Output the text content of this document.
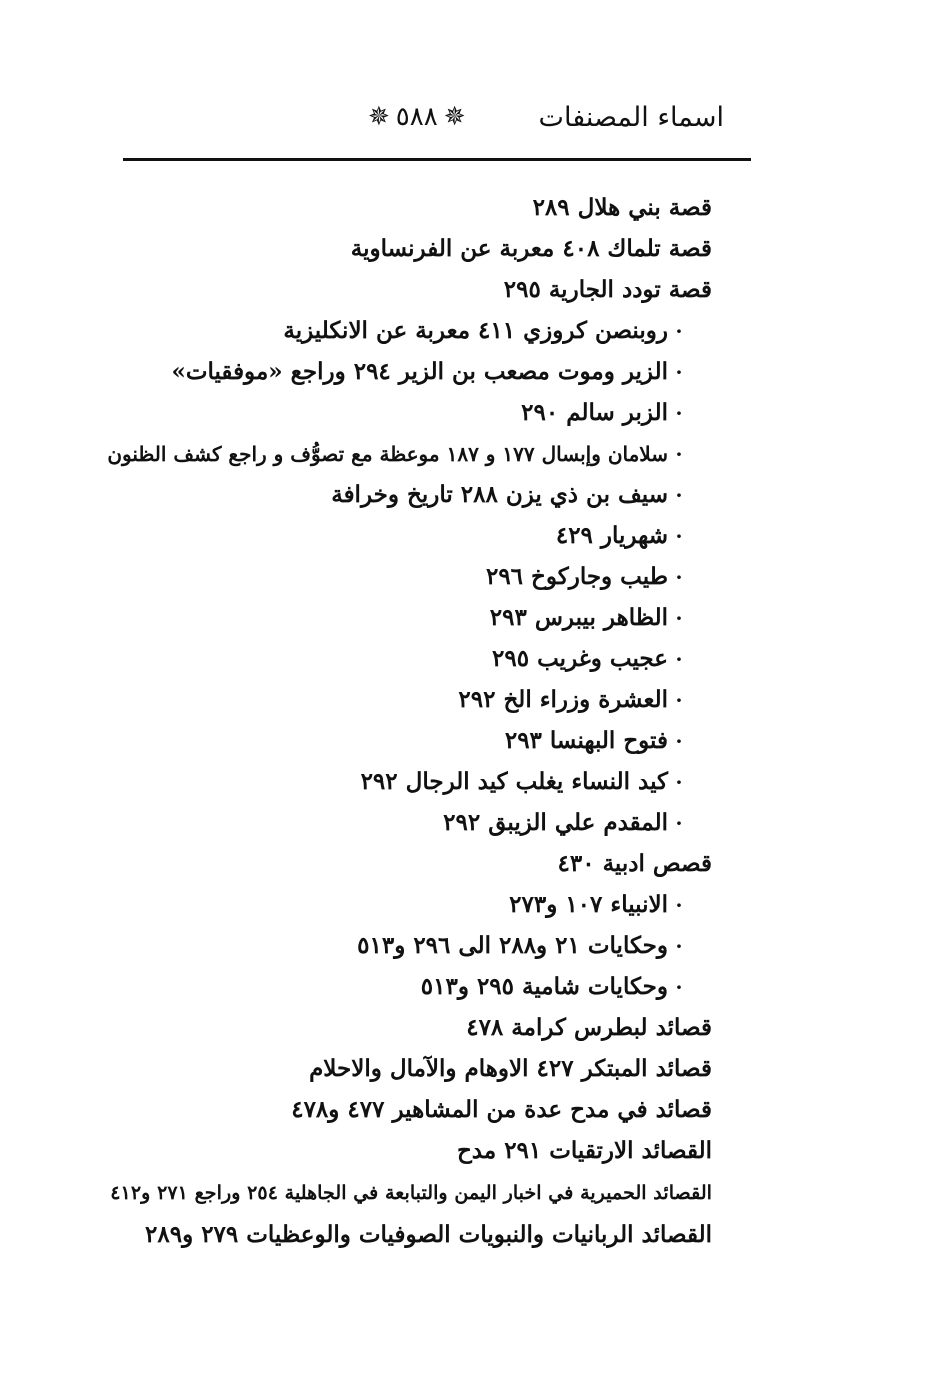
اسماء المصنفات
✵
٥٨٨
✵
قصة بني هلال ٢٨٩
قصة تلماك ٤٠٨ معربة عن الفرنساوية
قصة تودد الجارية ٢٩٥
·روبنصن كروزي ٤١١ معربة عن الانكليزية
·الزير وموت مصعب بن الزير ٢٩٤ وراجع «موفقيات»
·الزبر سالم ٢٩٠
·سلامان وإبسال ١٧٧ و ١٨٧ موعظة مع تصوُّف و راجع كشف الظنون
·سيف بن ذي يزن ٢٨٨ تاريخ وخرافة
·شهريار ٤٢٩
·طيب وجاركوخ ٢٩٦
·الظاهر بيبرس ٢٩٣
·عجيب وغريب ٢٩٥
·العشرة وزراء الخ ٢٩٢
·فتوح البهنسا ٢٩٣
·كيد النساء يغلب كيد الرجال ٢٩٢
·المقدم علي الزيبق ٢٩٢
قصص ادبية ٤٣٠
·الانبياء ١٠٧ و٢٧٣
·وحكايات ٢١ و٢٨٨ الى ٢٩٦ و٥١٣
·وحكايات شامية ٢٩٥ و٥١٣
قصائد لبطرس كرامة ٤٧٨
قصائد المبتكر ٤٢٧ الاوهام والآمال والاحلام
قصائد في مدح عدة من المشاهير ٤٧٧ و٤٧٨
القصائد الارتقيات ٢٩١ مدح
القصائد الحميرية في اخبار اليمن والتبابعة في الجاهلية ٢٥٤ وراجع ٢٧١ و٤١٢
القصائد الربانيات والنبويات الصوفيات والوعظيات ٢٧٩ و٢٨٩
